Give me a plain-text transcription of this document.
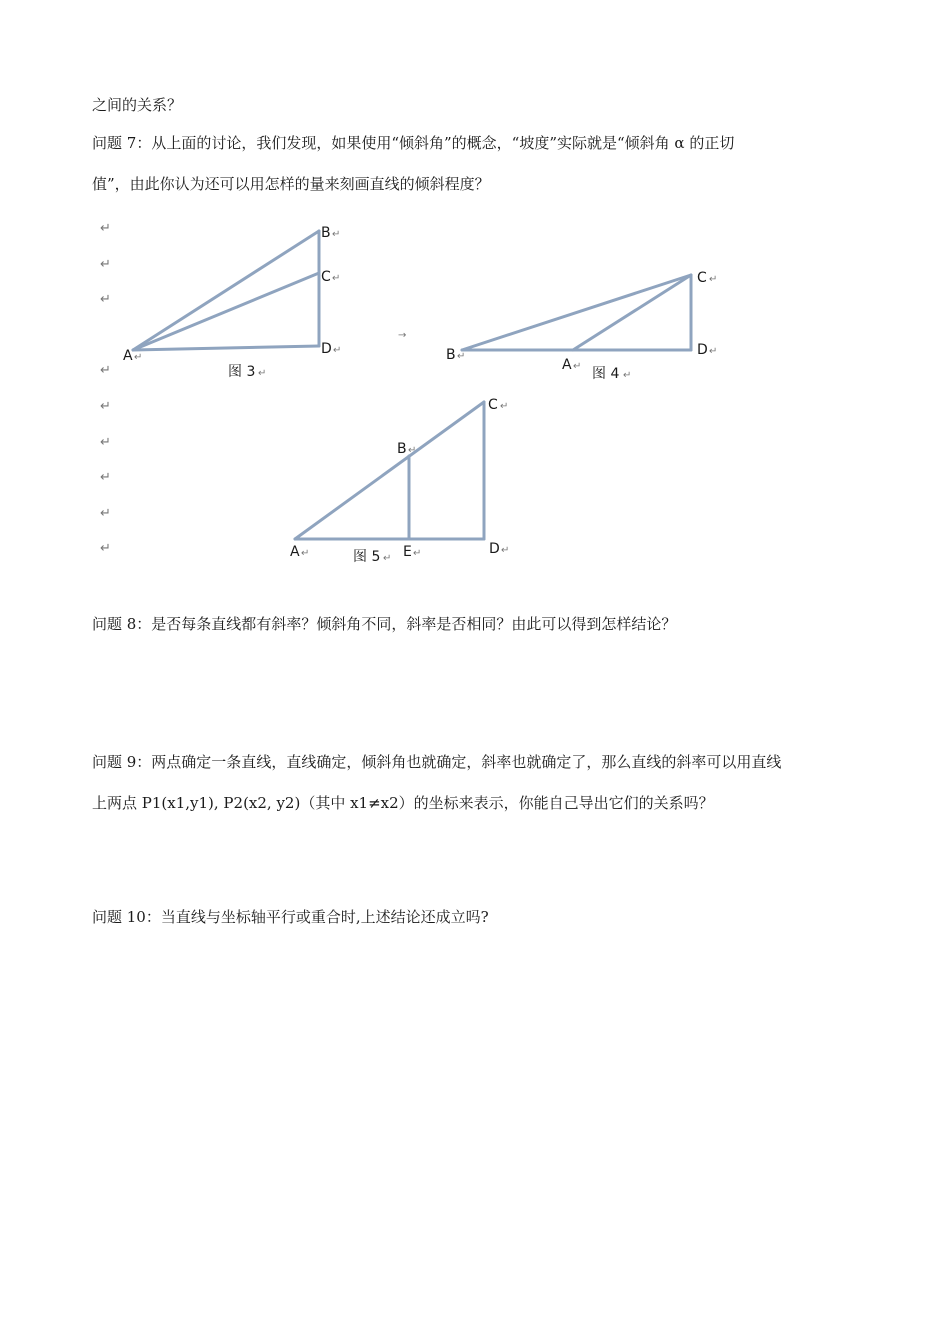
之间的关系？
问题 7：从上面的讨论，我们发现，如果使用“倾斜角”的概念，“坡度”实际就是“倾斜角 α 的正切
值”，由此你认为还可以用怎样的量来刻画直线的倾斜程度？
↵
↵
↵
↵
↵
↵
↵
↵
↵
A ↵
B ↵
C ↵
D ↵
图 3 ↵
→
B ↵
A ↵
C ↵
D ↵
图 4 ↵
A ↵
B ↵
C ↵
D ↵
E ↵
图 5 ↵
问题 8：是否每条直线都有斜率？倾斜角不同，斜率是否相同？由此可以得到怎样结论？
问题 9：两点确定一条直线，直线确定，倾斜角也就确定，斜率也就确定了，那么直线的斜率可以用直线
上两点 P1(x1,y1), P2(x2, y2)（其中 x1≠x2）的坐标来表示，你能自己导出它们的关系吗？
问题 10：当直线与坐标轴平行或重合时,上述结论还成立吗?
